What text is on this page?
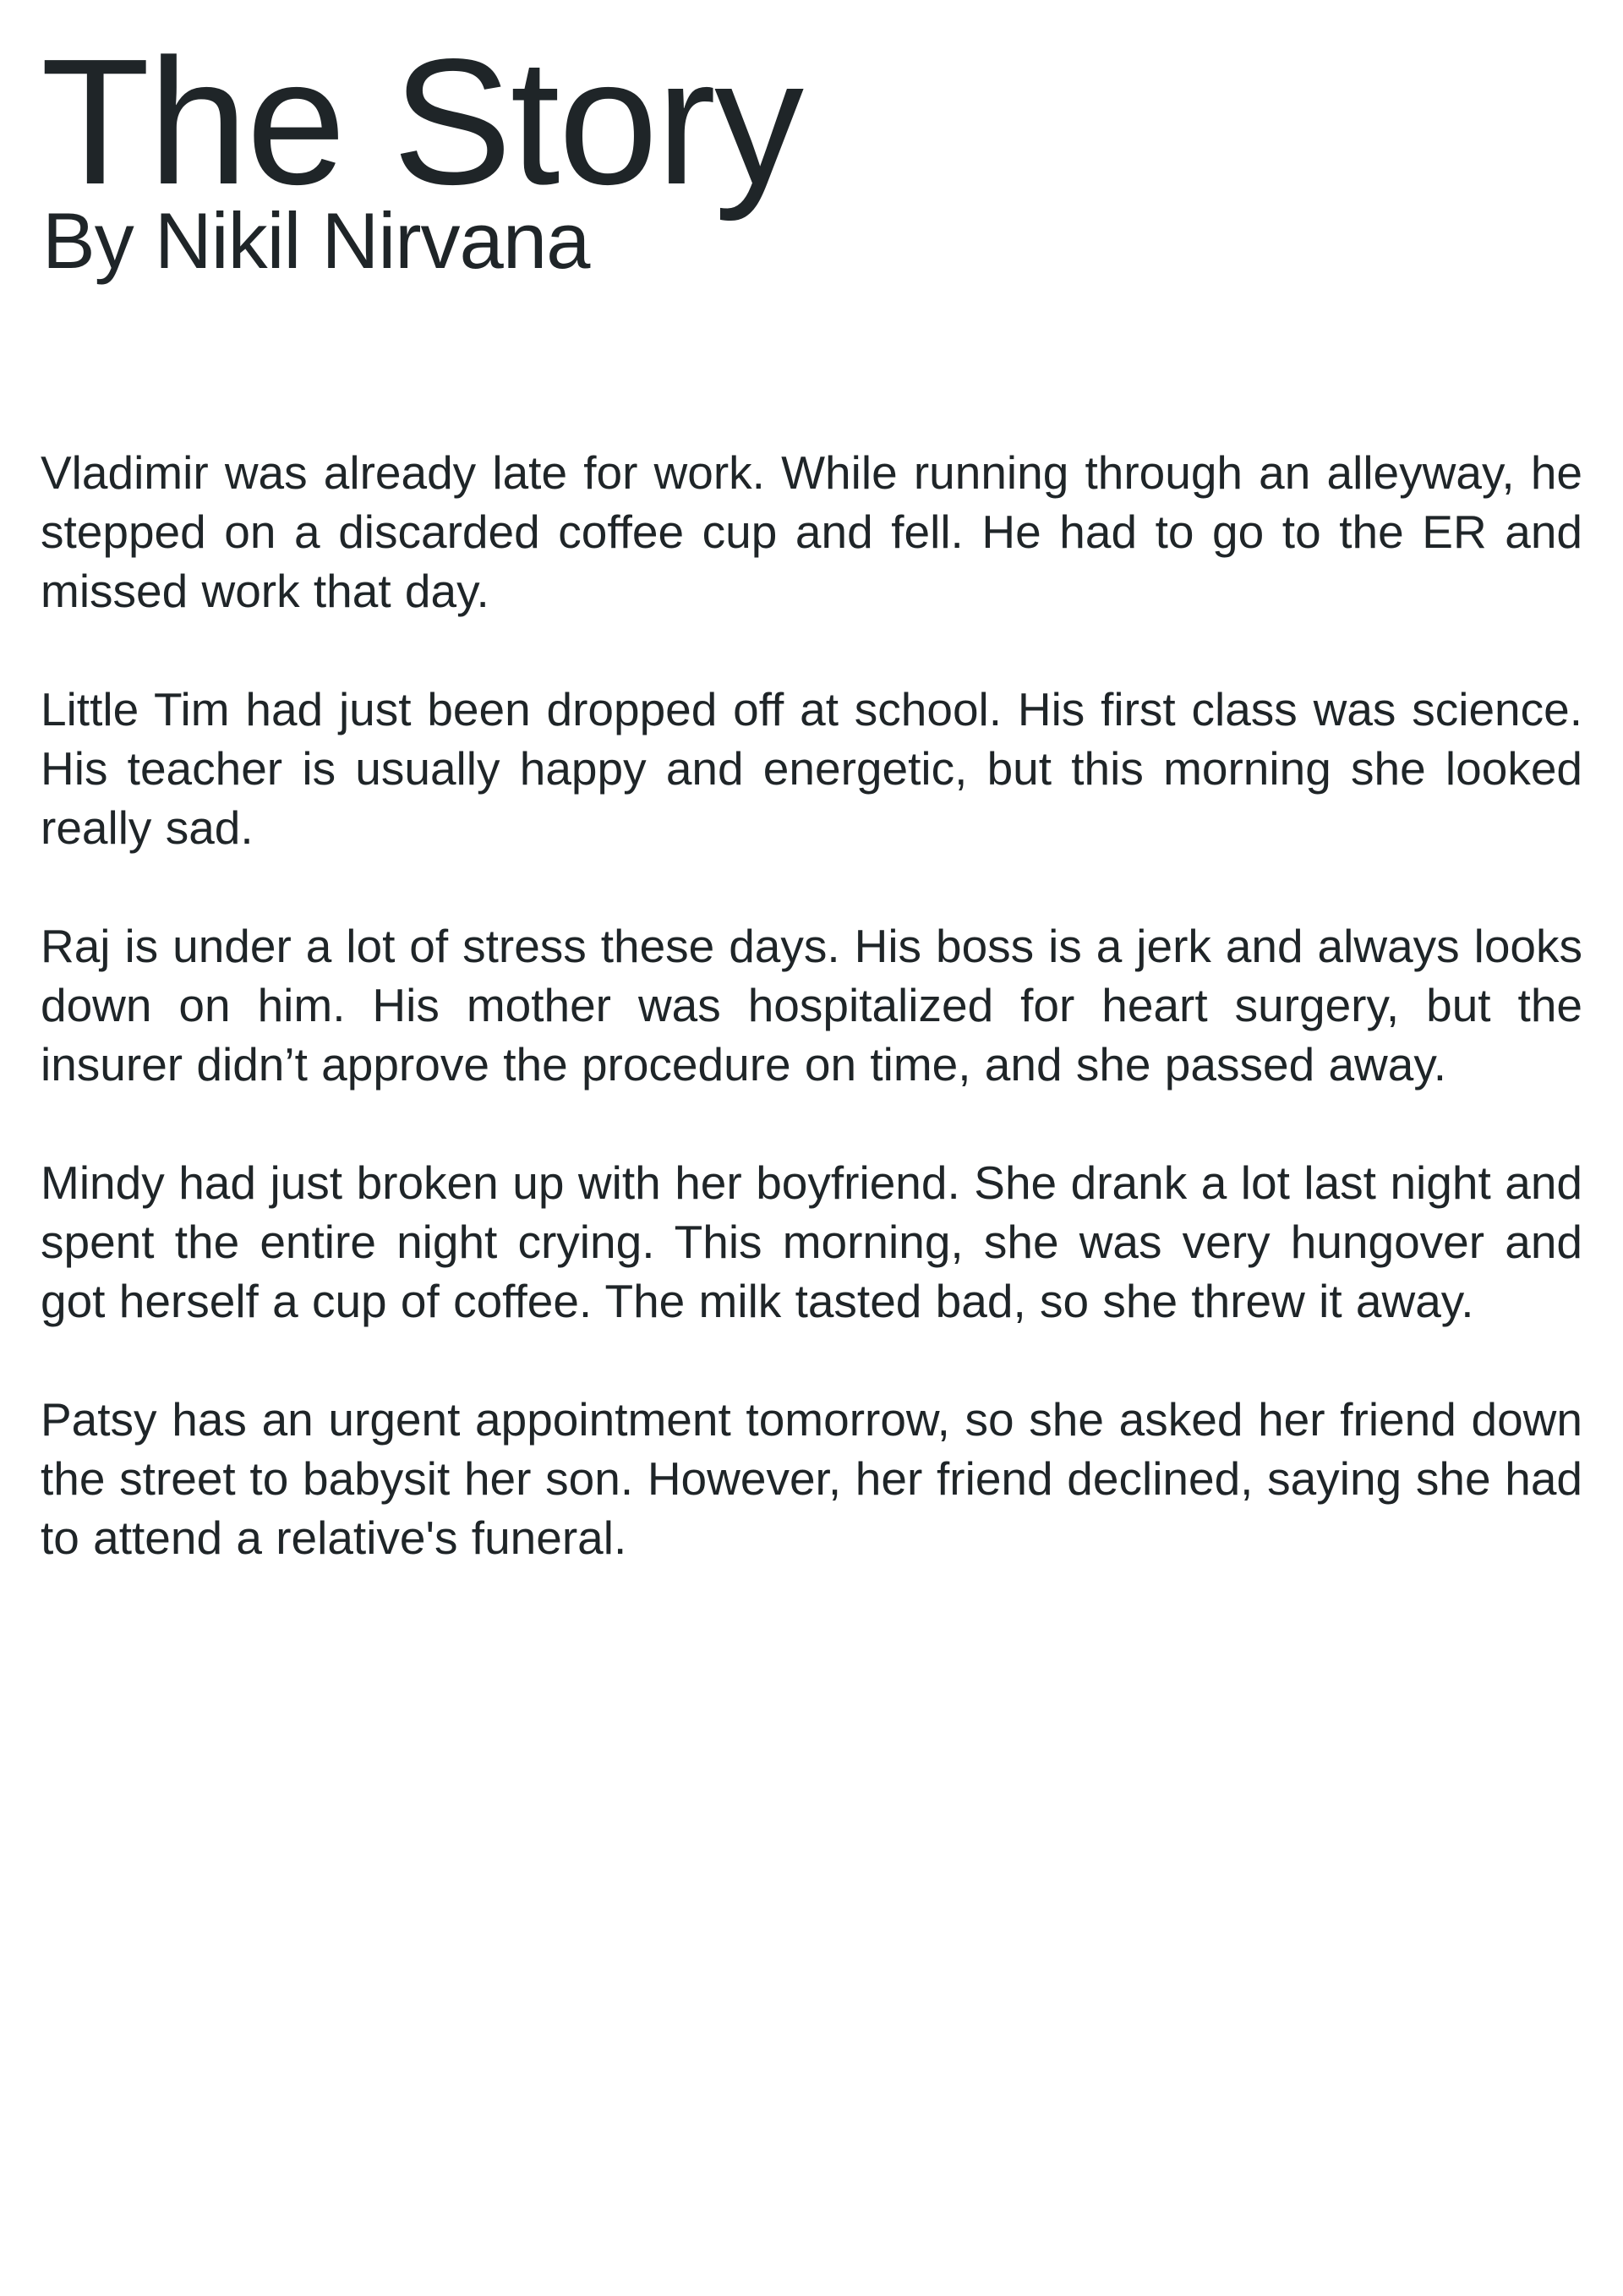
The Story
By Nikil Nirvana

Vladimir was already late for work. While running through an alleyway, he stepped on a discarded coffee cup and fell. He had to go to the ER and missed work that day.

Little Tim had just been dropped off at school. His first class was science. His teacher is usually happy and energetic, but this morning she looked really sad.

Raj is under a lot of stress these days. His boss is a jerk and always looks down on him. His mother was hospitalized for heart surgery, but the insurer didn’t approve the procedure on time, and she passed away.

Mindy had just broken up with her boyfriend. She drank a lot last night and spent the entire night crying. This morning, she was very hungover and got herself a cup of coffee. The milk tasted bad, so she threw it away.

Patsy has an urgent appointment tomorrow, so she asked her friend down the street to babysit her son. However, her friend declined, saying she had to attend a relative's funeral.
